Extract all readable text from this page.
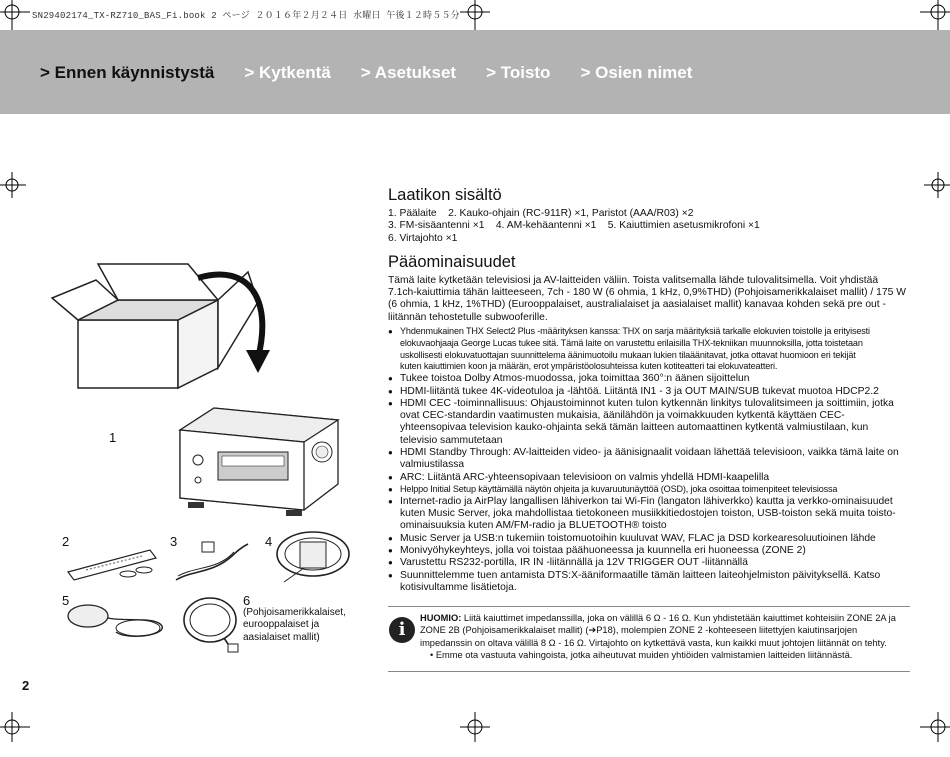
SN29402174_TX-RZ710_BAS_Fi.book 2 ページ ２０１６年２月２４日 水曜日 午後１２時５５分
> Ennen käynnistystä > Kytkentä > Asetukset > Toisto > Osien nimet
1
2	3	4
5	6
(Pohjoisamerikkalaiset,
eurooppalaiset ja
aasialaiset mallit)
Laatikon sisältö

1. Päälaite    2. Kauko-ohjain (RC-911R) ×1, Paristot (AAA/R03) ×2

3. FM-sisäantenni ×1    4. AM-kehäantenni ×1    5. Kaiuttimien asetusmikrofoni ×1

6. Virtajohto ×1

Pääominaisuudet

Tämä laite kytketään televisiosi ja AV-laitteiden väliin. Toista valitsemalla lähde tulovalitsimella. Voit yhdistää

7.1ch-kaiuttimia tähän laitteeseen, 7ch - 180 W (6 ohmia, 1 kHz, 0,9%THD) (Pohjoisamerikkalaiset mallit) / 175 W

(6 ohmia, 1 kHz, 1%THD) (Eurooppalaiset, australialaiset ja aasialaiset mallit) kanavaa kohden sekä pre out -

liitännän tehostetulle subwooferille.

● Yhdenmukainen THX Select2 Plus -määrityksen kanssa: THX on sarja määrityksiä tarkalle elokuvien toistolle ja erityisesti
elokuvaohjaaja George Lucas tukee sitä. Tämä laite on varustettu erilaisilla THX-tekniikan muunnoksilla, jotta toistetaan
uskollisesti elokuvatuottajan suunnittelema äänimuotoilu mukaan lukien tilaäänitavat, jotka ottavat huomioon eri tekijät
kuten kaiuttimien koon ja määrän, erot ympäristöolosuhteissa kuten kotiteatteri tai elokuvateatteri.
● Tukee toistoa Dolby Atmos-muodossa, joka toimittaa 360°:n äänen sijoittelun
● HDMI-liitäntä tukee 4K-videotuloa ja -lähtöä. Liitäntä IN1 - 3 ja OUT MAIN/SUB tukevat muotoa HDCP2.2
● HDMI CEC -toiminnallisuus: Ohjaustoiminnot kuten tulon kytkennän linkitys tulovalitsimeen ja soittimiin, jotka
ovat CEC-standardin vaatimusten mukaisia, äänilähdön ja voimakkuuden kytkentä käyttäen CEC-
yhteensopivaa television kauko-ohjainta sekä tämän laitteen automaattinen kytkentä valmiustilaan, kun
televisio sammutetaan
● HDMI Standby Through: AV-laitteiden video- ja äänisignaalit voidaan lähettää televisioon, vaikka tämä laite on
valmiustilassa
● ARC: Liitäntä ARC-yhteensopivaan televisioon on valmis yhdellä HDMI-kaapelilla
● Helppo Initial Setup käyttämällä näytön ohjeita ja kuvaruutunäyttöä (OSD), joka osoittaa toimenpiteet televisiossa
● Internet-radio ja AirPlay langallisen lähiverkon tai Wi-Fin (langaton lähiverkko) kautta ja verkko-ominaisuudet
kuten Music Server, joka mahdollistaa tietokoneen musiikkitiedostojen toiston, USB-toiston sekä muita toisto-
ominaisuuksia kuten AM/FM-radio ja BLUETOOTH® toisto
● Music Server ja USB:n tukemiin toistomuotoihin kuuluvat WAV, FLAC ja DSD korkearesoluutioinen lähde
● Monivyöhykeyhteys, jolla voi toistaa päähuoneessa ja kuunnella eri huoneessa (ZONE 2)
● Varustettu RS232-portilla, IR IN -liitännällä ja 12V TRIGGER OUT -liitännällä
● Suunnittelemme tuen antamista DTS:X-ääniformaatille tämän laitteen laiteohjelmiston päivityksellä. Katso
kotisivultamme lisätietoja.
i
HUOMIO: Liitä kaiuttimet impedanssilla, joka on välillä 6 Ω - 16 Ω. Kun yhdistetään kaiuttimet kohteisiin ZONE 2A ja
ZONE 2B (Pohjoisamerikkalaiset mallit) (➔P18), molempien ZONE 2 -kohteeseen liitettyjen kaiutinsarjojen
impedanssin on oltava välillä 8 Ω - 16 Ω. Virtajohto on kytkettävä vasta, kun kaikki muut johtojen liitännät on tehty.
• Emme ota vastuuta vahingoista, jotka aiheutuvat muiden yhtiöiden valmistamien laitteiden liitännästä.
2
